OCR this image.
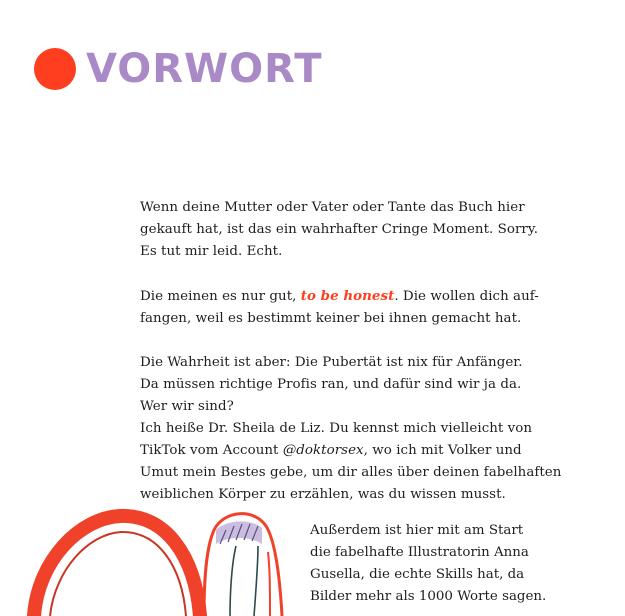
VORWORT

Wenn deine Mutter oder Vater oder Tante das Buch hier
gekauft hat, ist das ein wahrhafter Cringe Moment. Sorry.
Es tut mir leid. Echt.

Die meinen es nur gut, to be honest. Die wollen dich auf-
fangen, weil es bestimmt keiner bei ihnen gemacht hat.

Die Wahrheit ist aber: Die Pubertät ist nix für Anfänger.
Da müssen richtige Profis ran, und dafür sind wir ja da.
Wer wir sind?
Ich heiße Dr. Sheila de Liz. Du kennst mich vielleicht von
TikTok vom Account @doktorsex, wo ich mit Volker und
Umut mein Bestes gebe, um dir alles über deinen fabelhaften
weiblichen Körper zu erzählen, was du wissen musst.

Außerdem ist hier mit am Start
die fabelhafte Illustratorin Anna
Gusella, die echte Skills hat, da
Bilder mehr als 1000 Worte sagen.
